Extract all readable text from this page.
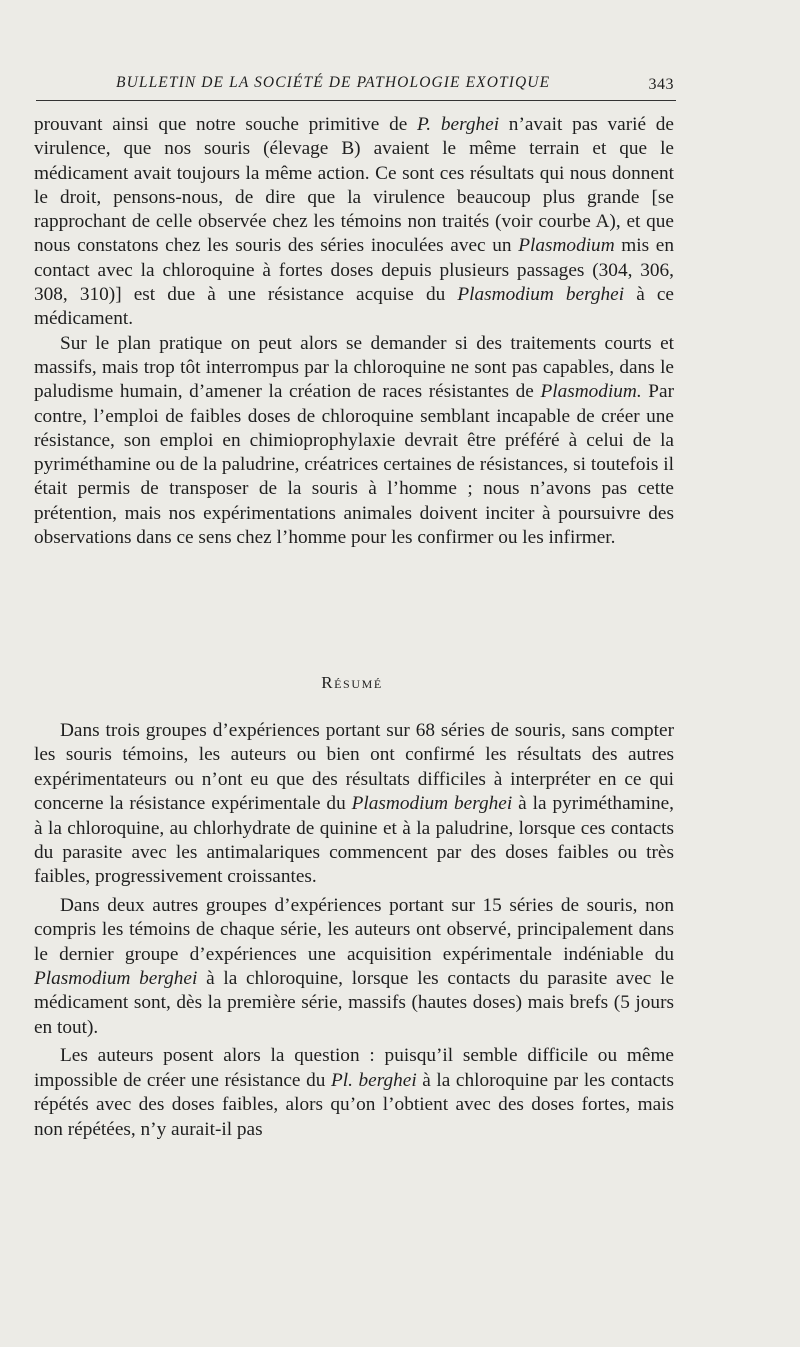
BULLETIN DE LA SOCIÉTÉ DE PATHOLOGIE EXOTIQUE	343

prouvant ainsi que notre souche primitive de P. berghei n’avait pas varié de virulence, que nos souris (élevage B) avaient le même terrain et que le médicament avait toujours la même action. Ce sont ces résultats qui nous donnent le droit, pensons-nous, de dire que la virulence beaucoup plus grande [se rapprochant de celle observée chez les témoins non traités (voir courbe A), et que nous constatons chez les souris des séries inoculées avec un Plasmodium mis en contact avec la chloroquine à fortes doses depuis plusieurs passages (304, 306, 308, 310)] est due à une résistance acquise du Plasmodium berghei à ce médicament.

Sur le plan pratique on peut alors se demander si des traitements courts et massifs, mais trop tôt interrompus par la chloroquine ne sont pas capables, dans le paludisme humain, d’amener la création de races résistantes de Plasmodium. Par contre, l’emploi de faibles doses de chloroquine semblant incapable de créer une résistance, son emploi en chimioprophylaxie devrait être préféré à celui de la pyriméthamine ou de la paludrine, créatrices certaines de résistances, si toutefois il était permis de transposer de la souris à l’homme ; nous n’avons pas cette prétention, mais nos expérimentations animales doivent inciter à poursuivre des observations dans ce sens chez l’homme pour les confirmer ou les infirmer.

Résumé

Dans trois groupes d’expériences portant sur 68 séries de souris, sans compter les souris témoins, les auteurs ou bien ont confirmé les résultats des autres expérimentateurs ou n’ont eu que des résultats difficiles à interpréter en ce qui concerne la résistance expérimentale du Plasmodium berghei à la pyriméthamine, à la chloroquine, au chlorhydrate de quinine et à la paludrine, lorsque ces contacts du parasite avec les antimalariques commencent par des doses faibles ou très faibles, progressivement croissantes.

Dans deux autres groupes d’expériences portant sur 15 séries de souris, non compris les témoins de chaque série, les auteurs ont observé, principalement dans le dernier groupe d’expériences une acquisition expérimentale indéniable du Plasmodium berghei à la chloroquine, lorsque les contacts du parasite avec le médicament sont, dès la première série, massifs (hautes doses) mais brefs (5 jours en tout).

Les auteurs posent alors la question : puisqu’il semble difficile ou même impossible de créer une résistance du Pl. berghei à la chloroquine par les contacts répétés avec des doses faibles, alors qu’on l’obtient avec des doses fortes, mais non répétées, n’y aurait-il pas
